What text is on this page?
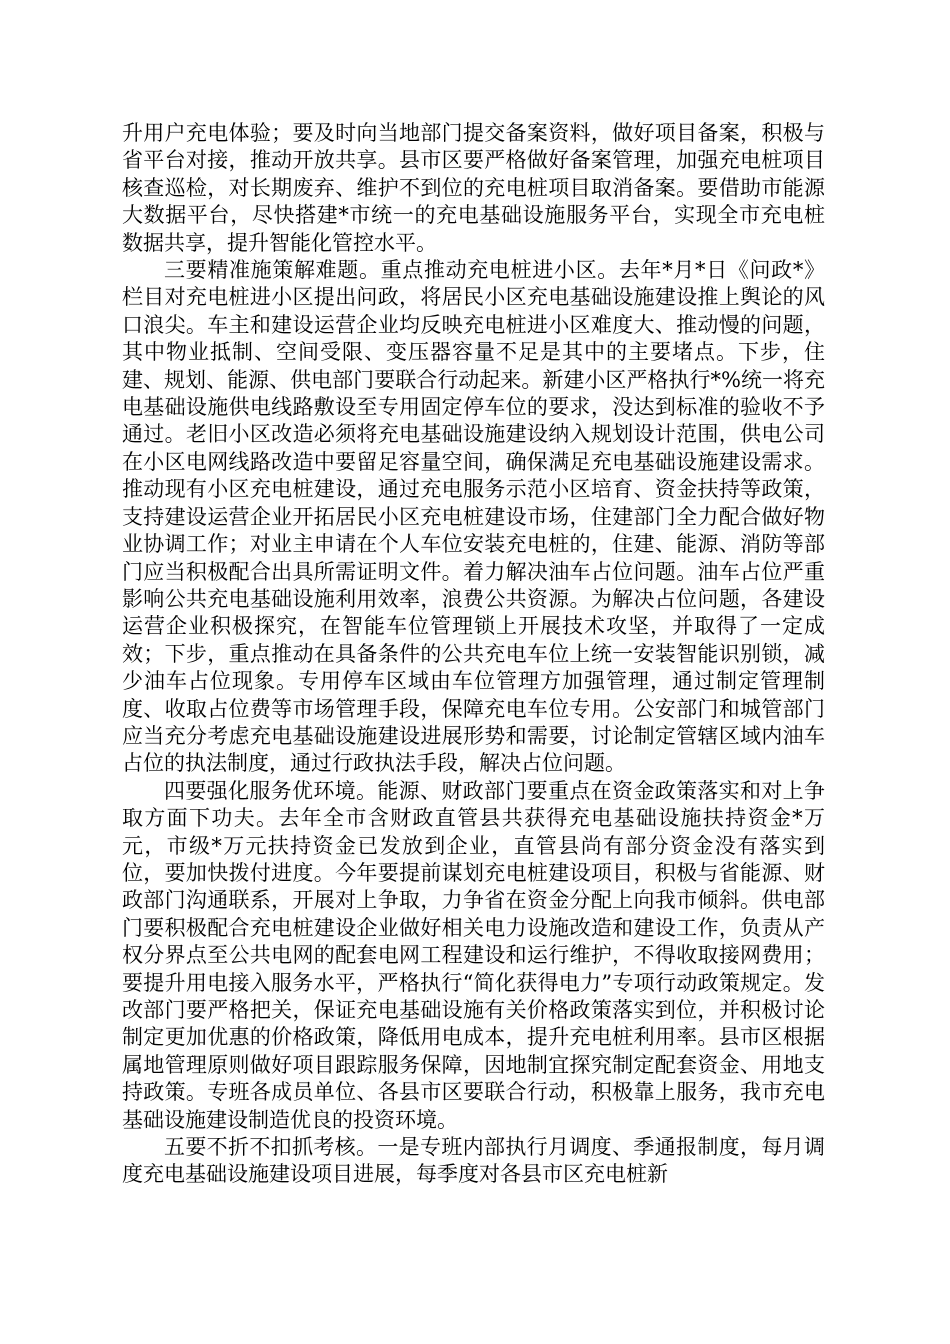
升用户充电体验；要及时向当地部门提交备案资料，做好项目备案，积极与省平台对接，推动开放共享。县市区要严格做好备案管理，加强充电桩项目核查巡检，对长期废弃、维护不到位的充电桩项目取消备案。要借助市能源大数据平台，尽快搭建*市统一的充电基础设施服务平台，实现全市充电桩数据共享，提升智能化管控水平。

三要精准施策解难题。重点推动充电桩进小区。去年*月*日《问政*》栏目对充电桩进小区提出问政，将居民小区充电基础设施建设推上舆论的风口浪尖。车主和建设运营企业均反映充电桩进小区难度大、推动慢的问题，其中物业抵制、空间受限、变压器容量不足是其中的主要堵点。下步，住建、规划、能源、供电部门要联合行动起来。新建小区严格执行*%统一将充电基础设施供电线路敷设至专用固定停车位的要求，没达到标准的验收不予通过。老旧小区改造必须将充电基础设施建设纳入规划设计范围，供电公司在小区电网线路改造中要留足容量空间，确保满足充电基础设施建设需求。推动现有小区充电桩建设，通过充电服务示范小区培育、资金扶持等政策，支持建设运营企业开拓居民小区充电桩建设市场，住建部门全力配合做好物业协调工作；对业主申请在个人车位安装充电桩的，住建、能源、消防等部门应当积极配合出具所需证明文件。着力解决油车占位问题。油车占位严重影响公共充电基础设施利用效率，浪费公共资源。为解决占位问题，各建设运营企业积极探究，在智能车位管理锁上开展技术攻坚，并取得了一定成效；下步，重点推动在具备条件的公共充电车位上统一安装智能识别锁，减少油车占位现象。专用停车区域由车位管理方加强管理，通过制定管理制度、收取占位费等市场管理手段，保障充电车位专用。公安部门和城管部门应当充分考虑充电基础设施建设进展形势和需要，讨论制定管辖区域内油车占位的执法制度，通过行政执法手段，解决占位问题。

四要强化服务优环境。能源、财政部门要重点在资金政策落实和对上争取方面下功夫。去年全市含财政直管县共获得充电基础设施扶持资金*万元，市级*万元扶持资金已发放到企业，直管县尚有部分资金没有落实到位，要加快拨付进度。今年要提前谋划充电桩建设项目，积极与省能源、财政部门沟通联系，开展对上争取，力争省在资金分配上向我市倾斜。供电部门要积极配合充电桩建设企业做好相关电力设施改造和建设工作，负责从产权分界点至公共电网的配套电网工程建设和运行维护，不得收取接网费用；要提升用电接入服务水平，严格执行“简化获得电力”专项行动政策规定。发改部门要严格把关，保证充电基础设施有关价格政策落实到位，并积极讨论制定更加优惠的价格政策，降低用电成本，提升充电桩利用率。县市区根据属地管理原则做好项目跟踪服务保障，因地制宜探究制定配套资金、用地支持政策。专班各成员单位、各县市区要联合行动，积极靠上服务，我市充电基础设施建设制造优良的投资环境。

五要不折不扣抓考核。一是专班内部执行月调度、季通报制度，每月调度充电基础设施建设项目进展，每季度对各县市区充电桩新
